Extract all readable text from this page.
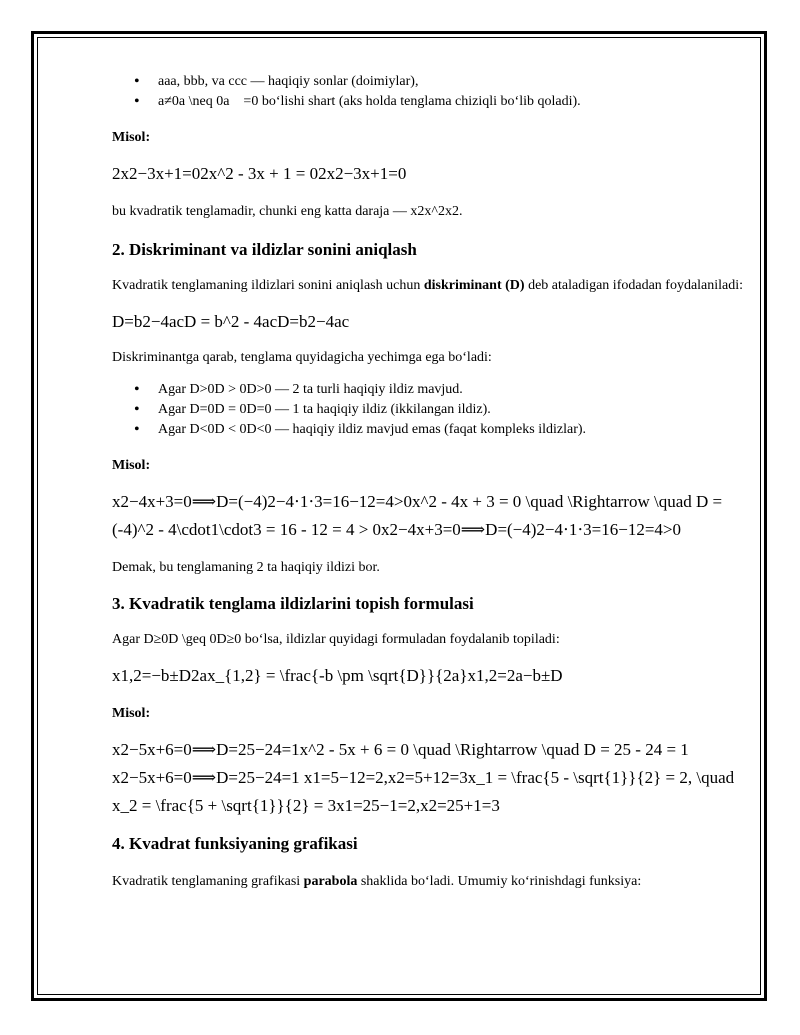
• aaa, bbb, va ccc — haqiqiy sonlar (doimiylar),
• a≠0a \neq 0a =0 bo‘lishi shart (aks holda tenglama chiziqli bo‘lib qoladi).
Misol:
2x2−3x+1=02x^2 - 3x + 1 = 02x2−3x+1=0
bu kvadratik tenglamadir, chunki eng katta daraja — x2x^2x2.
2. Diskriminant va ildizlar sonini aniqlash
Kvadratik tenglamaning ildizlari sonini aniqlash uchun diskriminant (D) deb ataladigan ifodadan foydalaniladi:
D=b2−4acD = b^2 - 4acD=b2−4ac
Diskriminantga qarab, tenglama quyidagicha yechimga ega bo‘ladi:
• Agar D>0D > 0D>0 — 2 ta turli haqiqiy ildiz mavjud.
• Agar D=0D = 0D=0 — 1 ta haqiqiy ildiz (ikkilangan ildiz).
• Agar D<0D < 0D<0 — haqiqiy ildiz mavjud emas (faqat kompleks ildizlar).
Misol:
x2−4x+3=0⟹D=(−4)2−4⋅1⋅3=16−12=4>0x^2 - 4x + 3 = 0 \quad \Rightarrow \quad D = (-4)^2 - 4\cdot1\cdot3 = 16 - 12 = 4 > 0x2−4x+3=0⟹D=(−4)2−4⋅1⋅3=16−12=4>0
Demak, bu tenglamaning 2 ta haqiqiy ildizi bor.
3. Kvadratik tenglama ildizlarini topish formulasi
Agar D≥0D \geq 0D≥0 bo‘lsa, ildizlar quyidagi formuladan foydalanib topiladi:
x1,2=−b±D2ax_{1,2} = \frac{-b \pm \sqrt{D}}{2a}x1,2=2a−b±D
Misol:
x2−5x+6=0⟹D=25−24=1x^2 - 5x + 6 = 0 \quad \Rightarrow \quad D = 25 - 24 = 1 x2−5x+6=0⟹D=25−24=1 x1=5−12=2,x2=5+12=3x_1 = \frac{5 - \sqrt{1}}{2} = 2, \quad x_2 = \frac{5 + \sqrt{1}}{2} = 3x1=25−1=2,x2=25+1=3
4. Kvadrat funksiyaning grafikasi
Kvadratik tenglamaning grafikasi parabola shaklida bo‘ladi. Umumiy ko‘rinishdagi funksiya:
